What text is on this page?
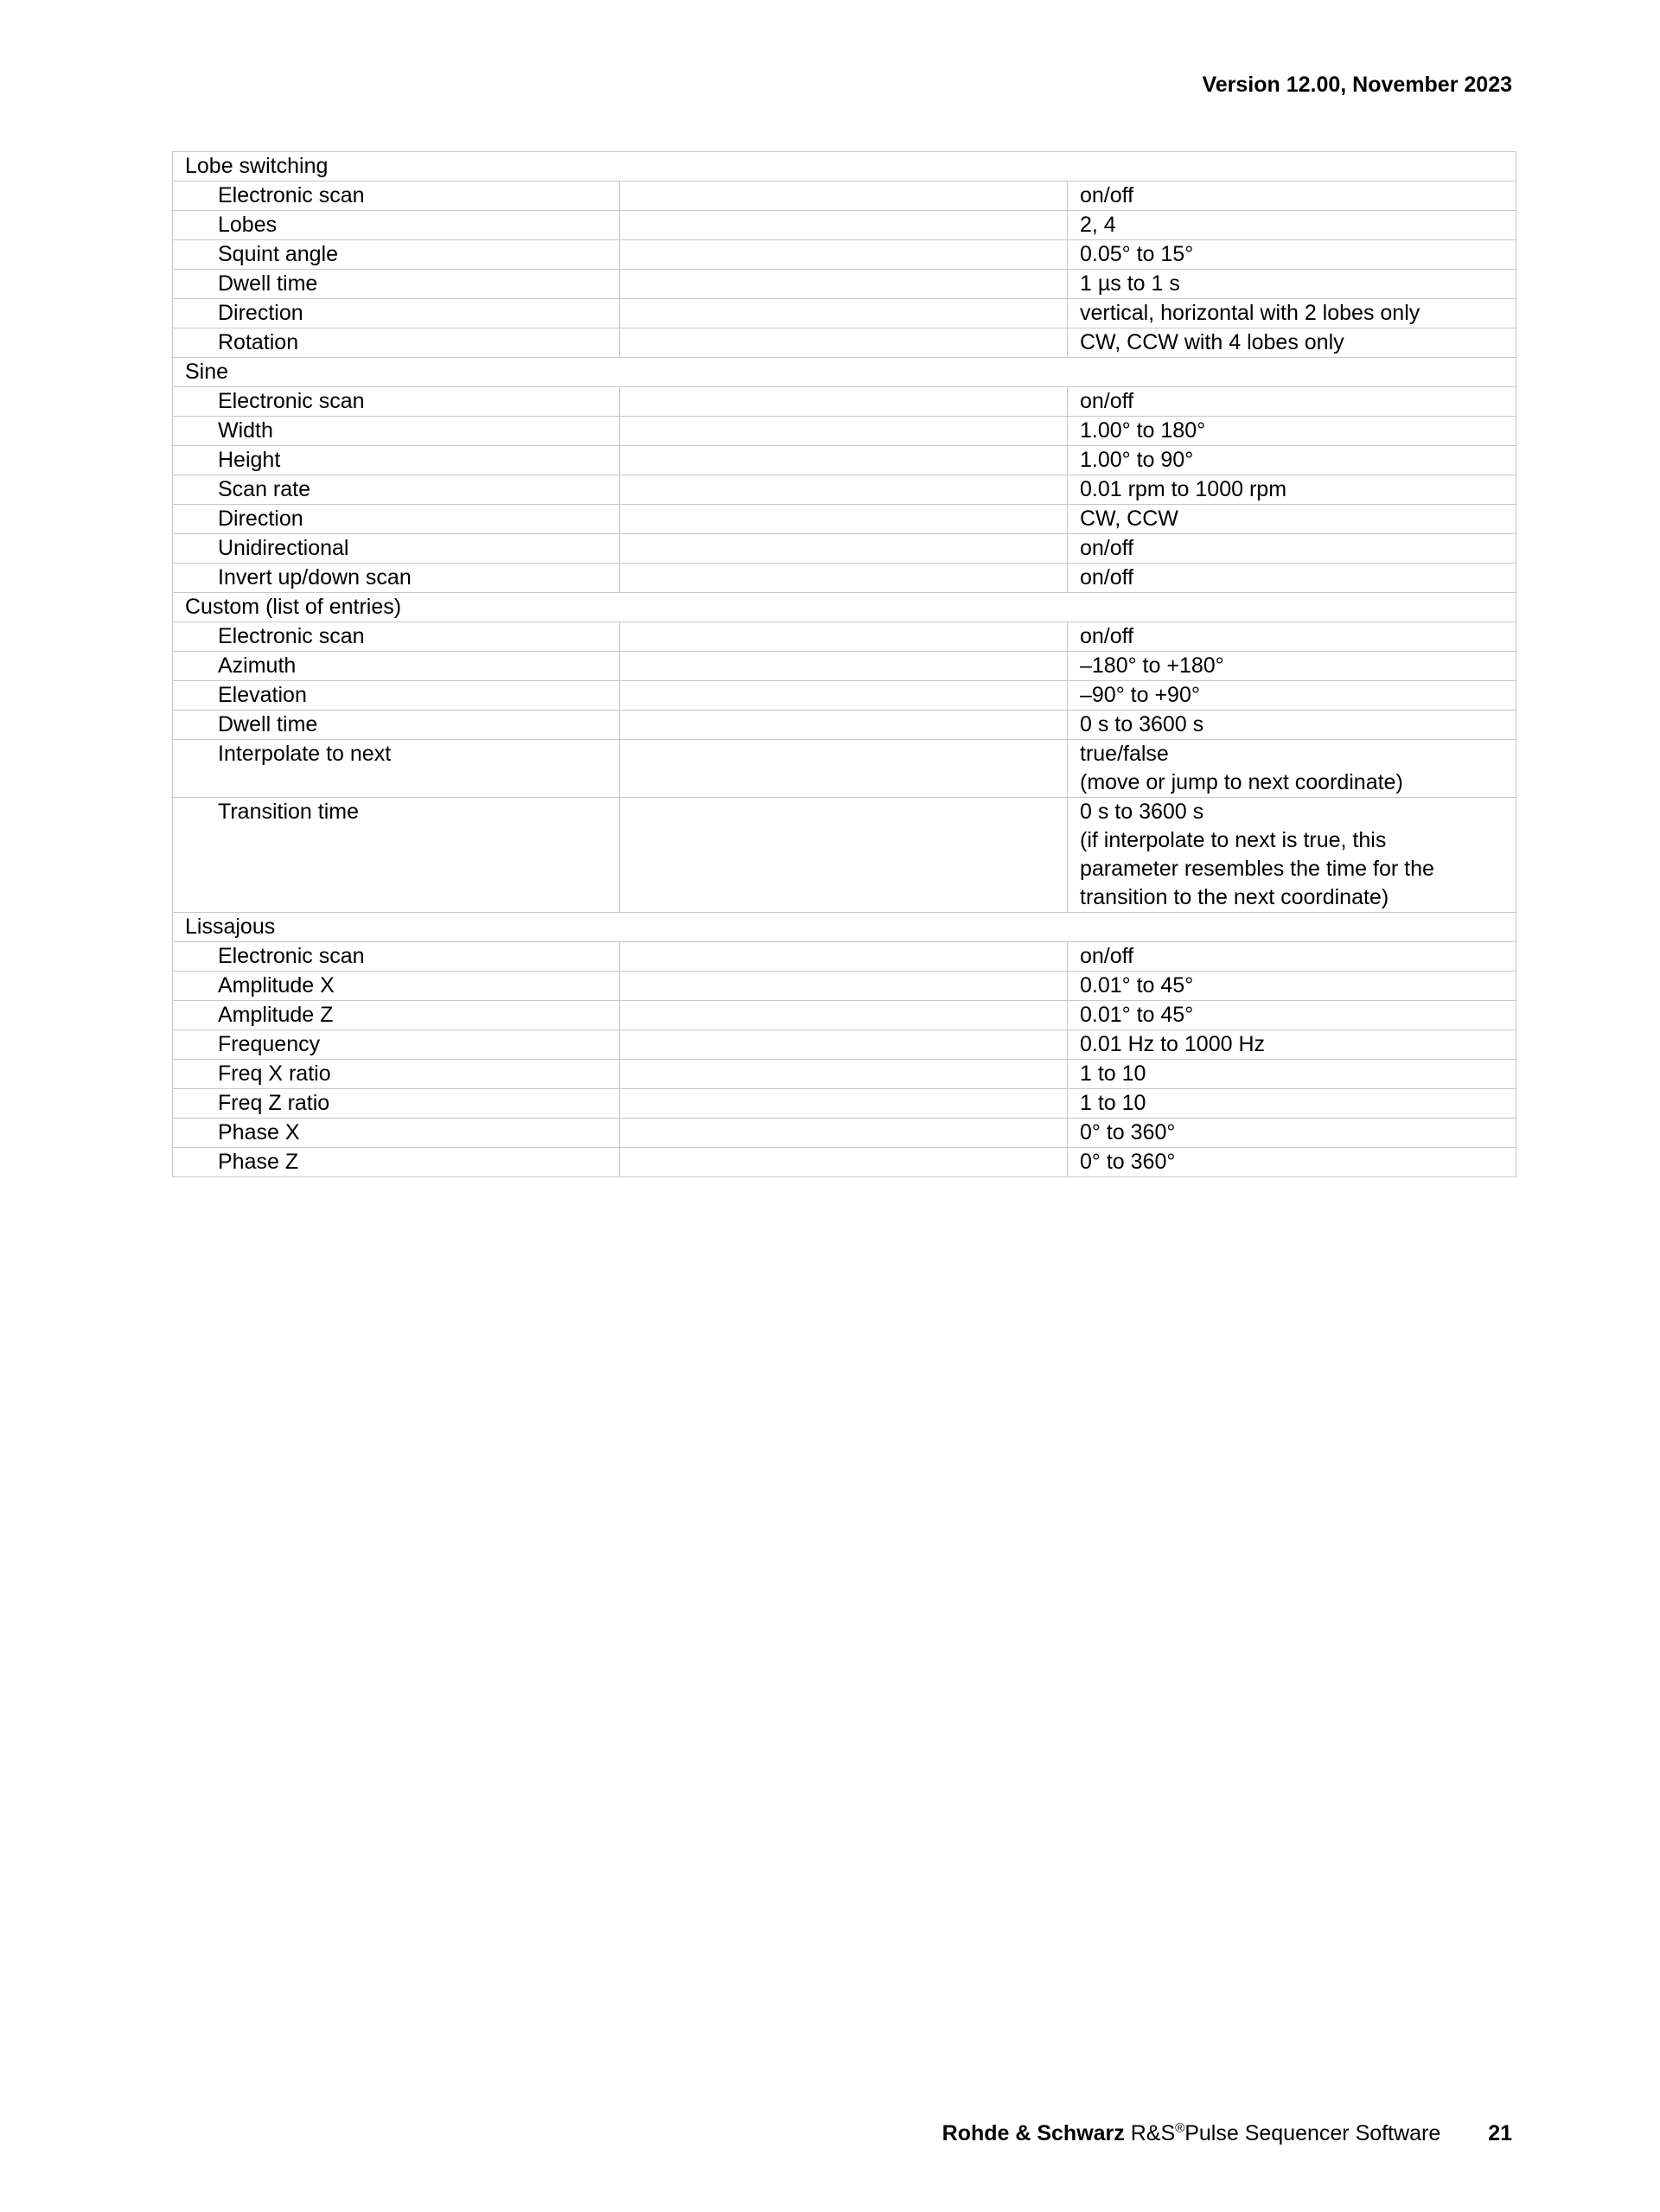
Version 12.00, November 2023
Lobe switching		
Electronic scan		on/off

Lobes		2, 4

Squint angle		0.05° to 15°

Dwell time		1 µs to 1 s

Direction		vertical, horizontal with 2 lobes only

Rotation		CW, CCW with 4 lobes only

Sine		
Electronic scan		on/off

Width		1.00° to 180°

Height		1.00° to 90°

Scan rate		0.01 rpm to 1000 rpm

Direction		CW, CCW

Unidirectional		on/off

Invert up/down scan		on/off

Custom (list of entries)		
Electronic scan		on/off

Azimuth		–180° to +180°

Elevation		–90° to +90°

Dwell time		0 s to 3600 s

Interpolate to next		true/false
(move or jump to next coordinate)

Transition time		0 s to 3600 s
(if interpolate to next is true, this
parameter resembles the time for the
transition to the next coordinate)

Lissajous		
Electronic scan		on/off

Amplitude X		0.01° to 45°

Amplitude Z		0.01° to 45°

Frequency		0.01 Hz to 1000 Hz

Freq X ratio		1 to 10

Freq Z ratio		1 to 10

Phase X		0° to 360°

Phase Z		0° to 360°
Rohde & Schwarz R&S®Pulse Sequencer Software 21
